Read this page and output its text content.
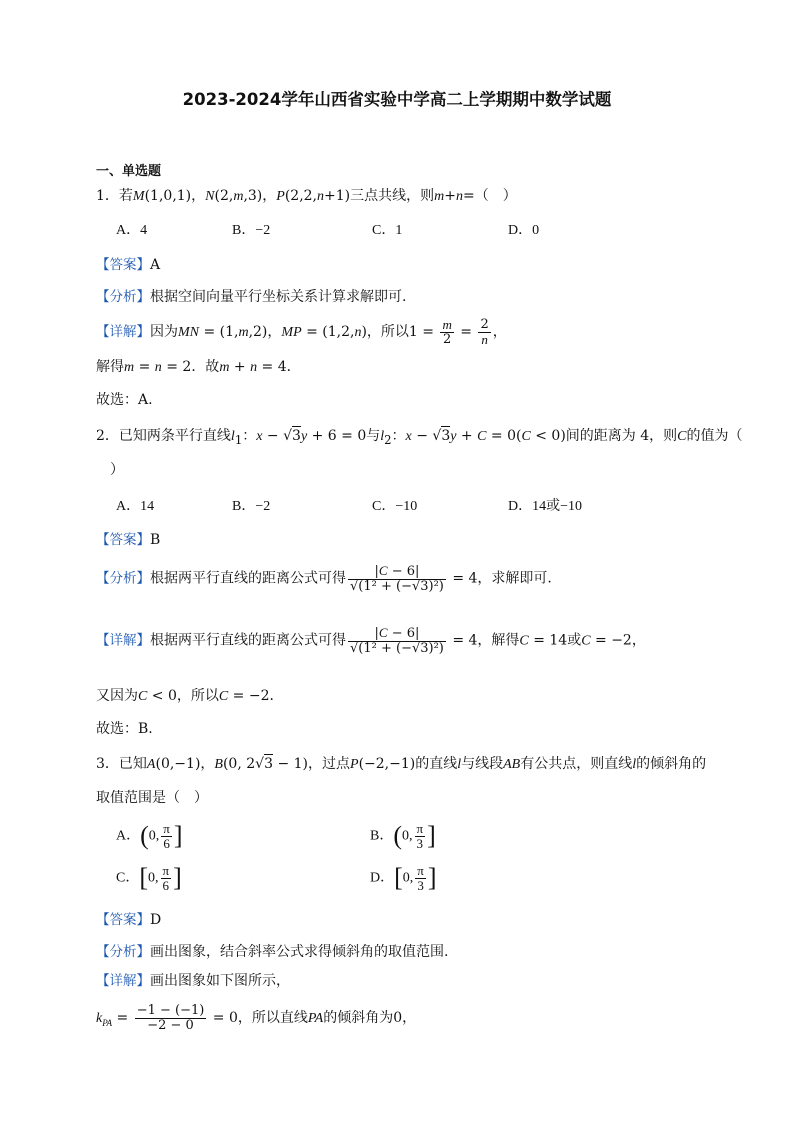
2023-2024学年山西省实验中学高二上学期期中数学试题
一、单选题
1．若M(1,0,1)，N(2,m,3)，P(2,2,n+1)三点共线，则m+n=（　）
A．4	B．−2	C．1	D．0
【答案】A
【分析】根据空间向量平行坐标关系计算求解即可.
【详解】因为MN = (1,m,2)，MP = (1,2,n)，所以$1 = \frac{m}{2} = \frac{2}{n}$ ，
解得m = n = 2．故m + n = 4．
故选：A.
2．已知两条平行直线$l_1$：x − √3y + 6 = 0与$l_2$：x − √3y + C = 0(C < 0)间的距离为 4，则C的值为（
）
A．14	B．−2	C．−10	D．14或−10
【答案】B
【分析】根据两平行直线的距离公式可得 $\frac{|C - 6|}{\text{√(1² + (−√3)²)}} = 4$，求解即可.
【详解】根据两平行直线的距离公式可得 $\frac{|C - 6|}{\text{√(1² + (−√3)²)}} = 4$，解得C = 14或C = −2，
又因为C < 0，所以C = −2．
故选：B.
3．已知A(0,−1)，B(0, 2√3 − 1)，过点P(−2,−1)的直线l与线段AB有公共点，则直线l的倾斜角的
取值范围是（　）
A．(0, $\frac{\pi}{6}$ ]	B．(0, $\frac{\pi}{3}$ ]
C．[0, $\frac{\pi}{6}$ ]	D．[0, $\frac{\pi}{3}$ ]
【答案】D
【分析】画出图象，结合斜率公式求得倾斜角的取值范围.
【详解】画出图象如下图所示，
$k_{PA} = \frac{-1 - (-1)}{-2 - 0} = 0$，所以直线PA的倾斜角为0，
